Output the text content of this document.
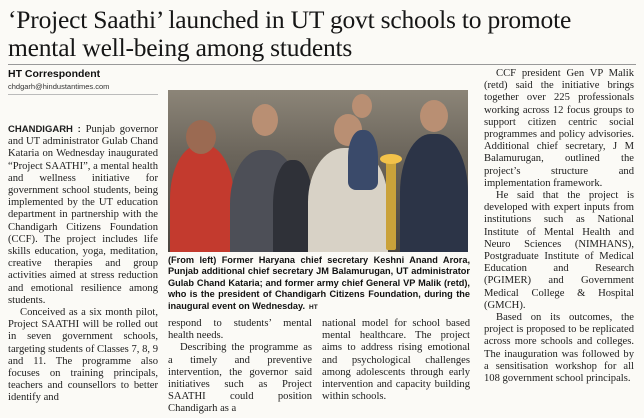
‘Project Saathi’ launched in UT govt schools to promote mental well-being among students
HT Correspondent
chdgarh@hindustantimes.com

CHANDIGARH : Punjab governor and UT administrator Gulab Chand Kataria on Wednesday inaugurated “Project SAATHI”, a mental health and wellness initiative for government school students, being implemented by the UT education department in partnership with the Chandigarh Citizens Foundation (CCF). The project includes life skills education, yoga, meditation, creative therapies and group activities aimed at stress reduction and emotional resilience among students.

Conceived as a six month pilot, Project SAATHI will be rolled out in seven government schools, targeting students of Classes 7, 8, 9 and 11. The programme also focuses on training principals, teachers and counsellors to better identify and

(From left) Former Haryana chief secretary Keshni Anand Arora, Punjab additional chief secretary JM Balamurugan, UT administrator Gulab Chand Kataria; and former army chief General VP Malik (retd), who is the president of Chandigarh Citizens Foundation, during the inaugural event on Wednesday. HT

respond to students’ mental health needs.

Describing the programme as a timely and preventive intervention, the governor said initiatives such as Project SAATHI could position Chandigarh as a

national model for school based mental healthcare. The project aims to address rising emotional and psychological challenges among adolescents through early intervention and capacity building within schools.

CCF president Gen VP Malik (retd) said the initiative brings together over 225 professionals working across 12 focus groups to support citizen centric social programmes and policy advisories. Additional chief secretary, J M Balamurugan, outlined the project’s structure and implementation framework.

He said that the project is developed with expert inputs from institutions such as National Institute of Mental Health and Neuro Sciences (NIMHANS), Postgraduate Institute of Medical Education and Research (PGIMER) and Government Medical College & Hospital (GMCH).

Based on its outcomes, the project is proposed to be replicated across more schools and colleges. The inauguration was followed by a sensitisation workshop for all 108 government school principals.
